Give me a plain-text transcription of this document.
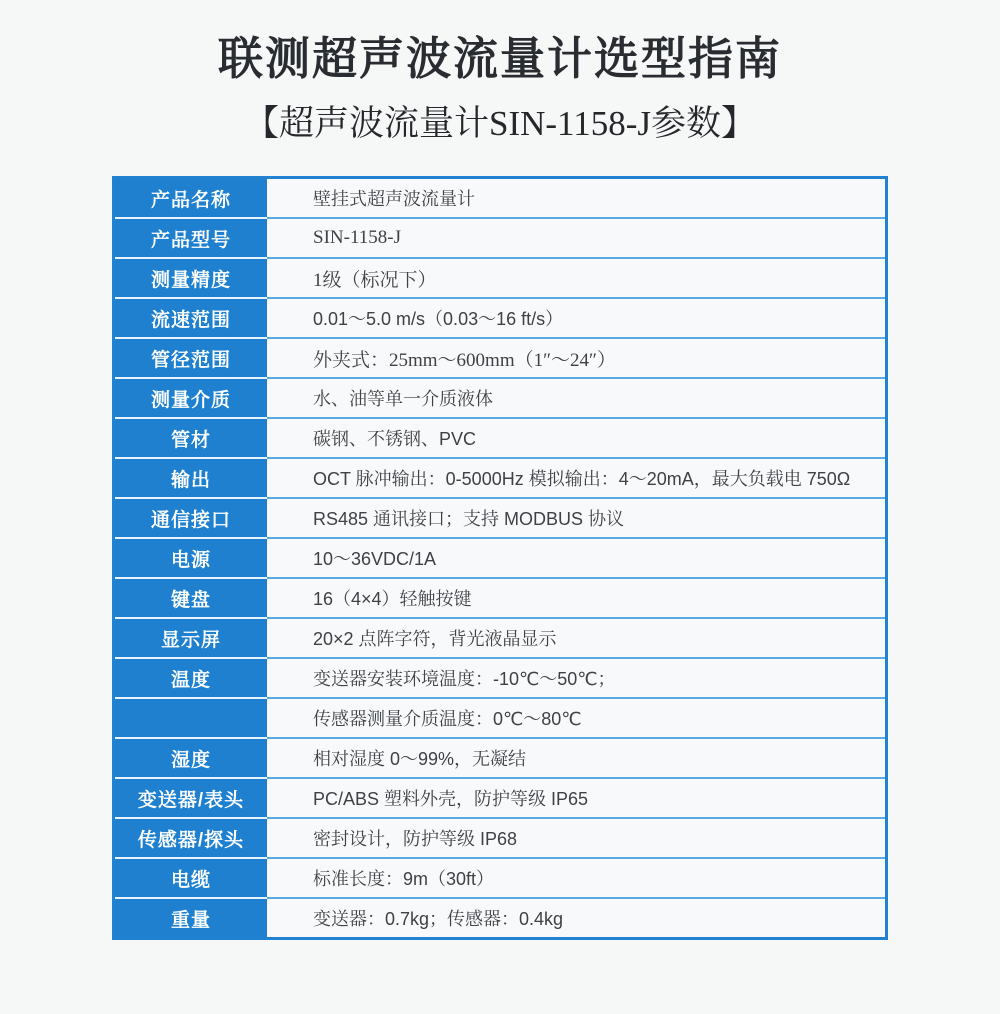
联测超声波流量计选型指南
【超声波流量计SIN-1158-J参数】
产品名称	壁挂式超声波流量计
产品型号	SIN-1158-J
测量精度	1级（标况下）
流速范围	0.01～5.0 m/s（0.03～16 ft/s）
管径范围	外夹式：25mm～600mm（1″～24″）
测量介质	水、油等单一介质液体
管材	碳钢、不锈钢、PVC
输出	OCT 脉冲输出：0-5000Hz 模拟输出：4～20mA，最大负载电 750Ω
通信接口	RS485 通讯接口；支持 MODBUS 协议
电源	10～36VDC/1A
键盘	16（4×4）轻触按键
显示屏	20×2 点阵字符，背光液晶显示
温度	变送器安装环境温度：-10℃～50℃；
传感器测量介质温度：0℃～80℃
湿度	相对湿度 0～99%，无凝结
变送器/表头	PC/ABS 塑料外壳，防护等级 IP65
传感器/探头	密封设计，防护等级 IP68
电缆	标准长度：9m（30ft）
重量	变送器：0.7kg；传感器：0.4kg
